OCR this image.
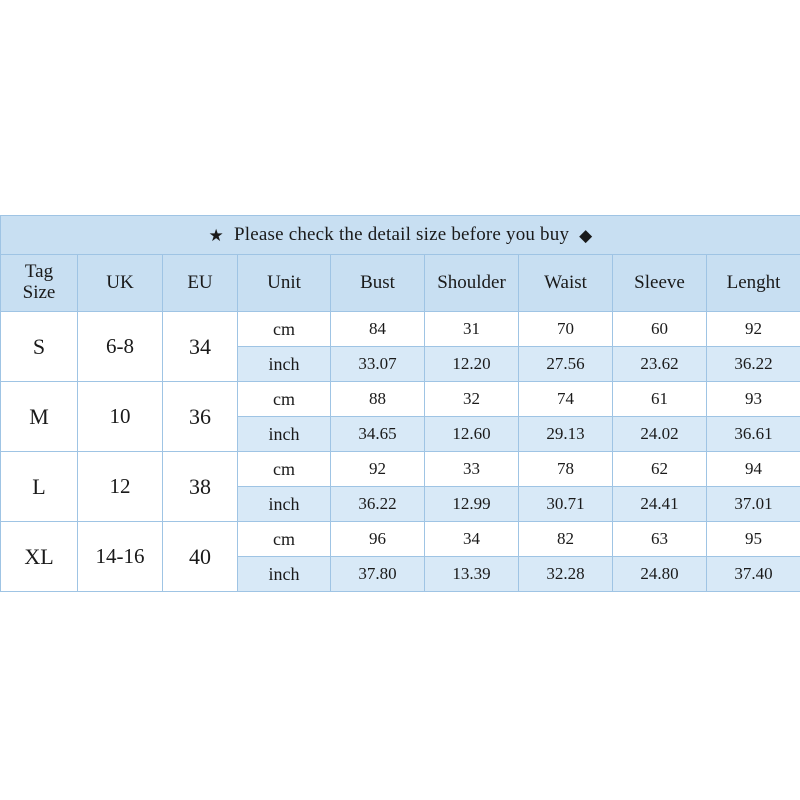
★ Please check the detail size before you buy ◆								

Tag
Size	UK	EU	Unit	Bust	Shoulder	Waist	Sleeve	Lenght
S	6-8	34	cm	84	31	70	60	92
			inch	33.07	12.20	27.56	23.62	36.22
M	10	36	cm	88	32	74	61	93
			inch	34.65	12.60	29.13	24.02	36.61
L	12	38	cm	92	33	78	62	94
			inch	36.22	12.99	30.71	24.41	37.01
XL	14-16	40	cm	96	34	82	63	95
			inch	37.80	13.39	32.28	24.80	37.40
